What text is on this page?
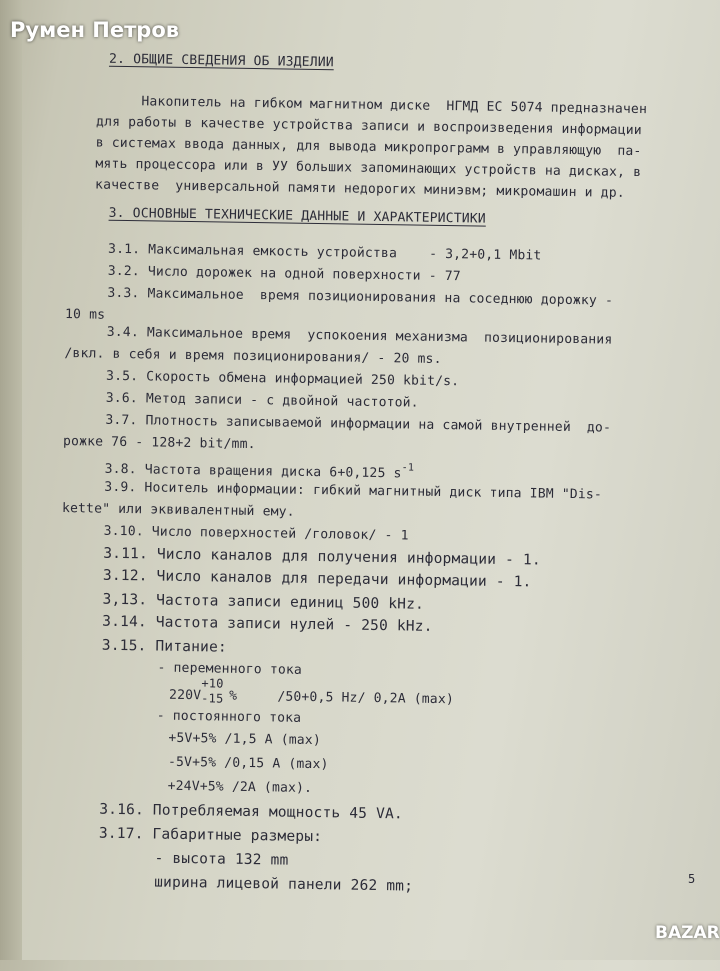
2. ОБЩИЕ СВЕДЕНИЯ ОБ ИЗДЕЛИИ
Накопитель на гибком магнитном диске  НГМД ЕС 5074 предназначен
для работы в качестве устройства записи и воспроизведения информации
в системах ввода данных, для вывода микропрограмм в управляющую  па-
мять процессора или в УУ больших запоминающих устройств на дисках, в
качестве  универсальной памяти недорогих миниэвм; микромашин и др.
3. ОСНОВНЫЕ ТЕХНИЧЕСКИЕ ДАННЫЕ И ХАРАКТЕРИСТИКИ
3.1. Максимальная емкость устройства    - 3,2+0,1 Mbit
3.2. Число дорожек на одной поверхности - 77
3.3. Максимальное  время позиционирования на соседнюю дорожку -
10 ms
3.4. Максимальное время  успокоения механизма  позиционирования
/вкл. в себя и время позиционирования/ - 20 ms.
3.5. Скорость обмена информацией 250 kbit/s.
3.6. Метод записи - с двойной частотой.
3.7. Плотность записываемой информации на самой внутренней  до-
рожке 76 - 128+2 bit/mm.
3.8. Частота вращения диска 6+0,125 $s^{-1}$
3.9. Носитель информации: гибкий магнитный диск типа IBM "Dis-
kette" или эквивалентный ему.
3.10. Число поверхностей /головок/ - 1
3.11. Число каналов для получения информации - 1.
3.12. Число каналов для передачи информации - 1.
3,13. Частота записи единиц 500 kHz.
3.14. Частота записи нулей - 250 kHz.
3.15. Питание:
- переменного тока
220V
+10
-15 %	/50+0,5 Hz/ 0,2A (max)
- постоянного тока
+5V+5% /1,5 A (max)
-5V+5% /0,15 A (max)
+24V+5% /2A (max).
3.16. Потребляемая мощность 45 VA.
3.17. Габаритные размеры:
- высота 132 mm
ширина лицевой панели 262 mm;	5
Румен Петров
BAZAR
